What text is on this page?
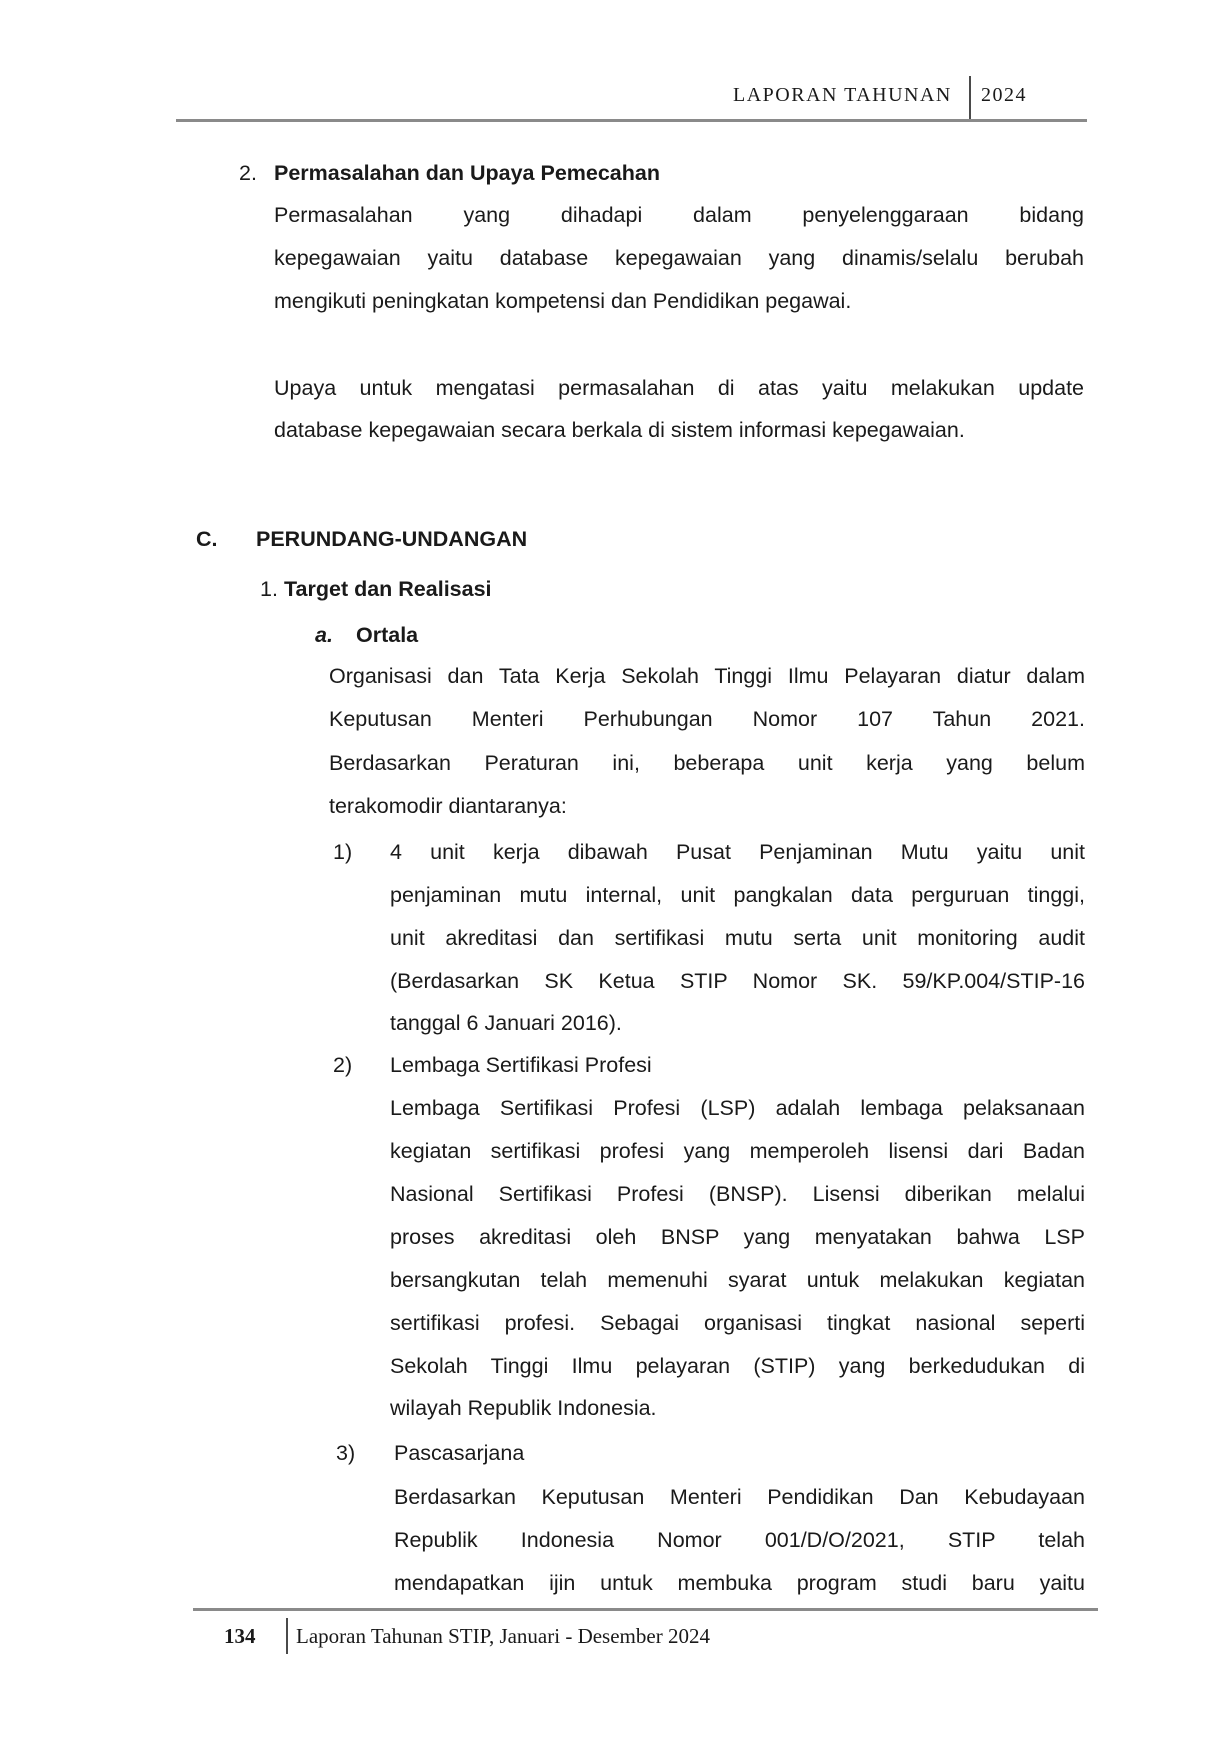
LAPORAN TAHUNAN 2024
2. Permasalahan dan Upaya Pemecahan
Permasalahan yang dihadapi dalam penyelenggaraan bidang
kepegawaian yaitu database kepegawaian yang dinamis/selalu berubah
mengikuti peningkatan kompetensi dan Pendidikan pegawai.
Upaya untuk mengatasi permasalahan di atas yaitu melakukan update
database kepegawaian secara berkala di sistem informasi kepegawaian.
C. PERUNDANG-UNDANGAN
1. Target dan Realisasi
a. Ortala
Organisasi dan Tata Kerja Sekolah Tinggi Ilmu Pelayaran diatur dalam
Keputusan Menteri Perhubungan Nomor 107 Tahun 2021.
Berdasarkan Peraturan ini, beberapa unit kerja yang belum
terakomodir diantaranya:
1) 4 unit kerja dibawah Pusat Penjaminan Mutu yaitu unit
penjaminan mutu internal, unit pangkalan data perguruan tinggi,
unit akreditasi dan sertifikasi mutu serta unit monitoring audit
(Berdasarkan SK Ketua STIP Nomor SK. 59/KP.004/STIP-16
tanggal 6 Januari 2016).
2) Lembaga Sertifikasi Profesi
Lembaga Sertifikasi Profesi (LSP) adalah lembaga pelaksanaan
kegiatan sertifikasi profesi yang memperoleh lisensi dari Badan
Nasional Sertifikasi Profesi (BNSP). Lisensi diberikan melalui
proses akreditasi oleh BNSP yang menyatakan bahwa LSP
bersangkutan telah memenuhi syarat untuk melakukan kegiatan
sertifikasi profesi. Sebagai organisasi tingkat nasional seperti
Sekolah Tinggi Ilmu pelayaran (STIP) yang berkedudukan di
wilayah Republik Indonesia.
3) Pascasarjana
Berdasarkan Keputusan Menteri Pendidikan Dan Kebudayaan
Republik Indonesia Nomor 001/D/O/2021, STIP telah
mendapatkan ijin untuk membuka program studi baru yaitu
134 Laporan Tahunan STIP, Januari - Desember 2024
